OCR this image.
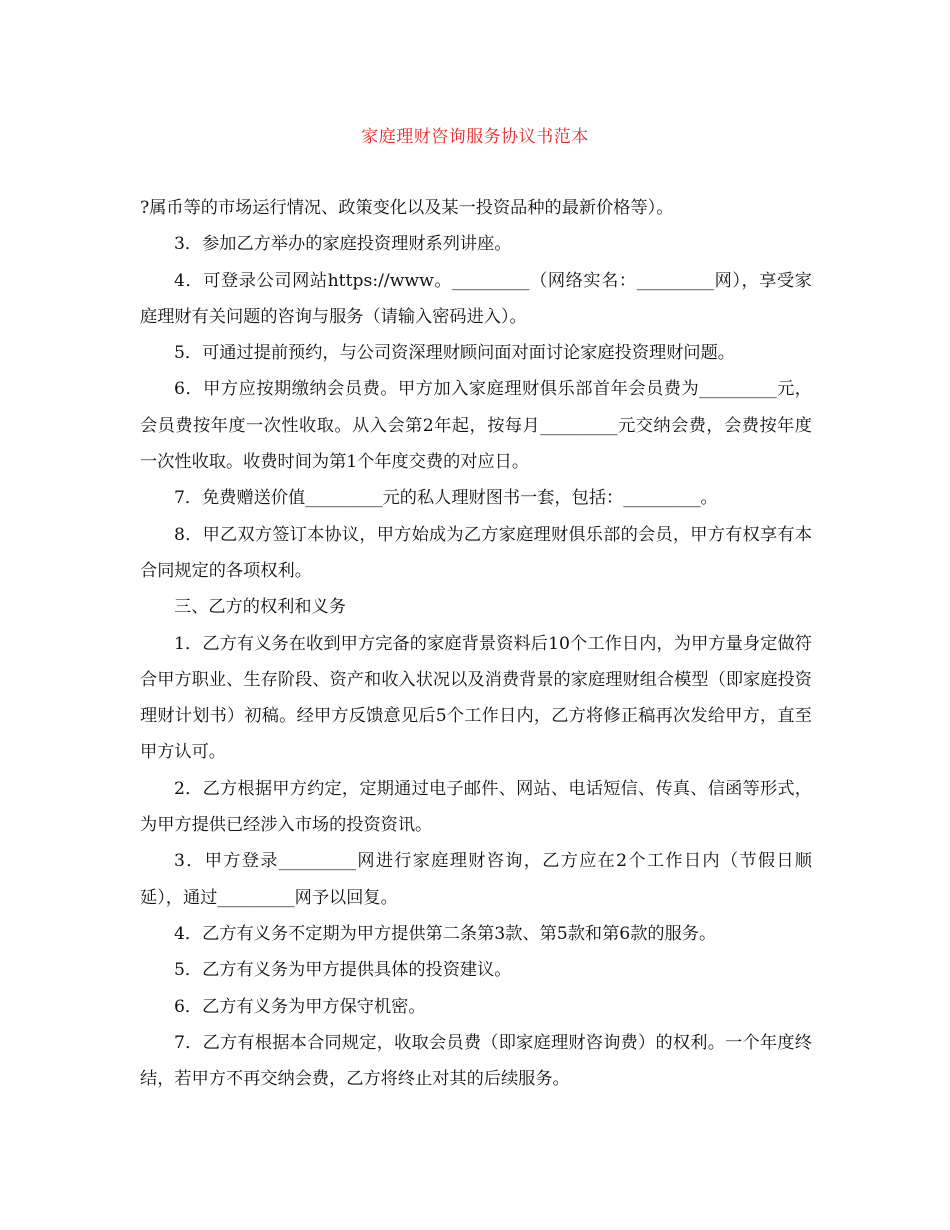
家庭理财咨询服务协议书范本

?属币等的市场运行情况、政策变化以及某一投资品种的最新价格等）。

3．参加乙方举办的家庭投资理财系列讲座。

4．可登录公司网站https://www。_________（网络实名：_________网），享受家庭理财有关问题的咨询与服务（请输入密码进入）。

5．可通过提前预约，与公司资深理财顾问面对面讨论家庭投资理财问题。

6．甲方应按期缴纳会员费。甲方加入家庭理财俱乐部首年会员费为_________元，会员费按年度一次性收取。从入会第2年起，按每月_________元交纳会费，会费按年度一次性收取。收费时间为第1个年度交费的对应日。

7．免费赠送价值_________元的私人理财图书一套，包括：_________。

8．甲乙双方签订本协议，甲方始成为乙方家庭理财俱乐部的会员，甲方有权享有本合同规定的各项权利。

三、乙方的权利和义务

1．乙方有义务在收到甲方完备的家庭背景资料后10个工作日内，为甲方量身定做符合甲方职业、生存阶段、资产和收入状况以及消费背景的家庭理财组合模型（即家庭投资理财计划书）初稿。经甲方反馈意见后5个工作日内，乙方将修正稿再次发给甲方，直至甲方认可。

2．乙方根据甲方约定，定期通过电子邮件、网站、电话短信、传真、信函等形式，为甲方提供已经涉入市场的投资资讯。

3．甲方登录_________网进行家庭理财咨询，乙方应在2个工作日内（节假日顺延），通过_________网予以回复。

4．乙方有义务不定期为甲方提供第二条第3款、第5款和第6款的服务。

5．乙方有义务为甲方提供具体的投资建议。

6．乙方有义务为甲方保守机密。

7．乙方有根据本合同规定，收取会员费（即家庭理财咨询费）的权利。一个年度终结，若甲方不再交纳会费，乙方将终止对其的后续服务。
